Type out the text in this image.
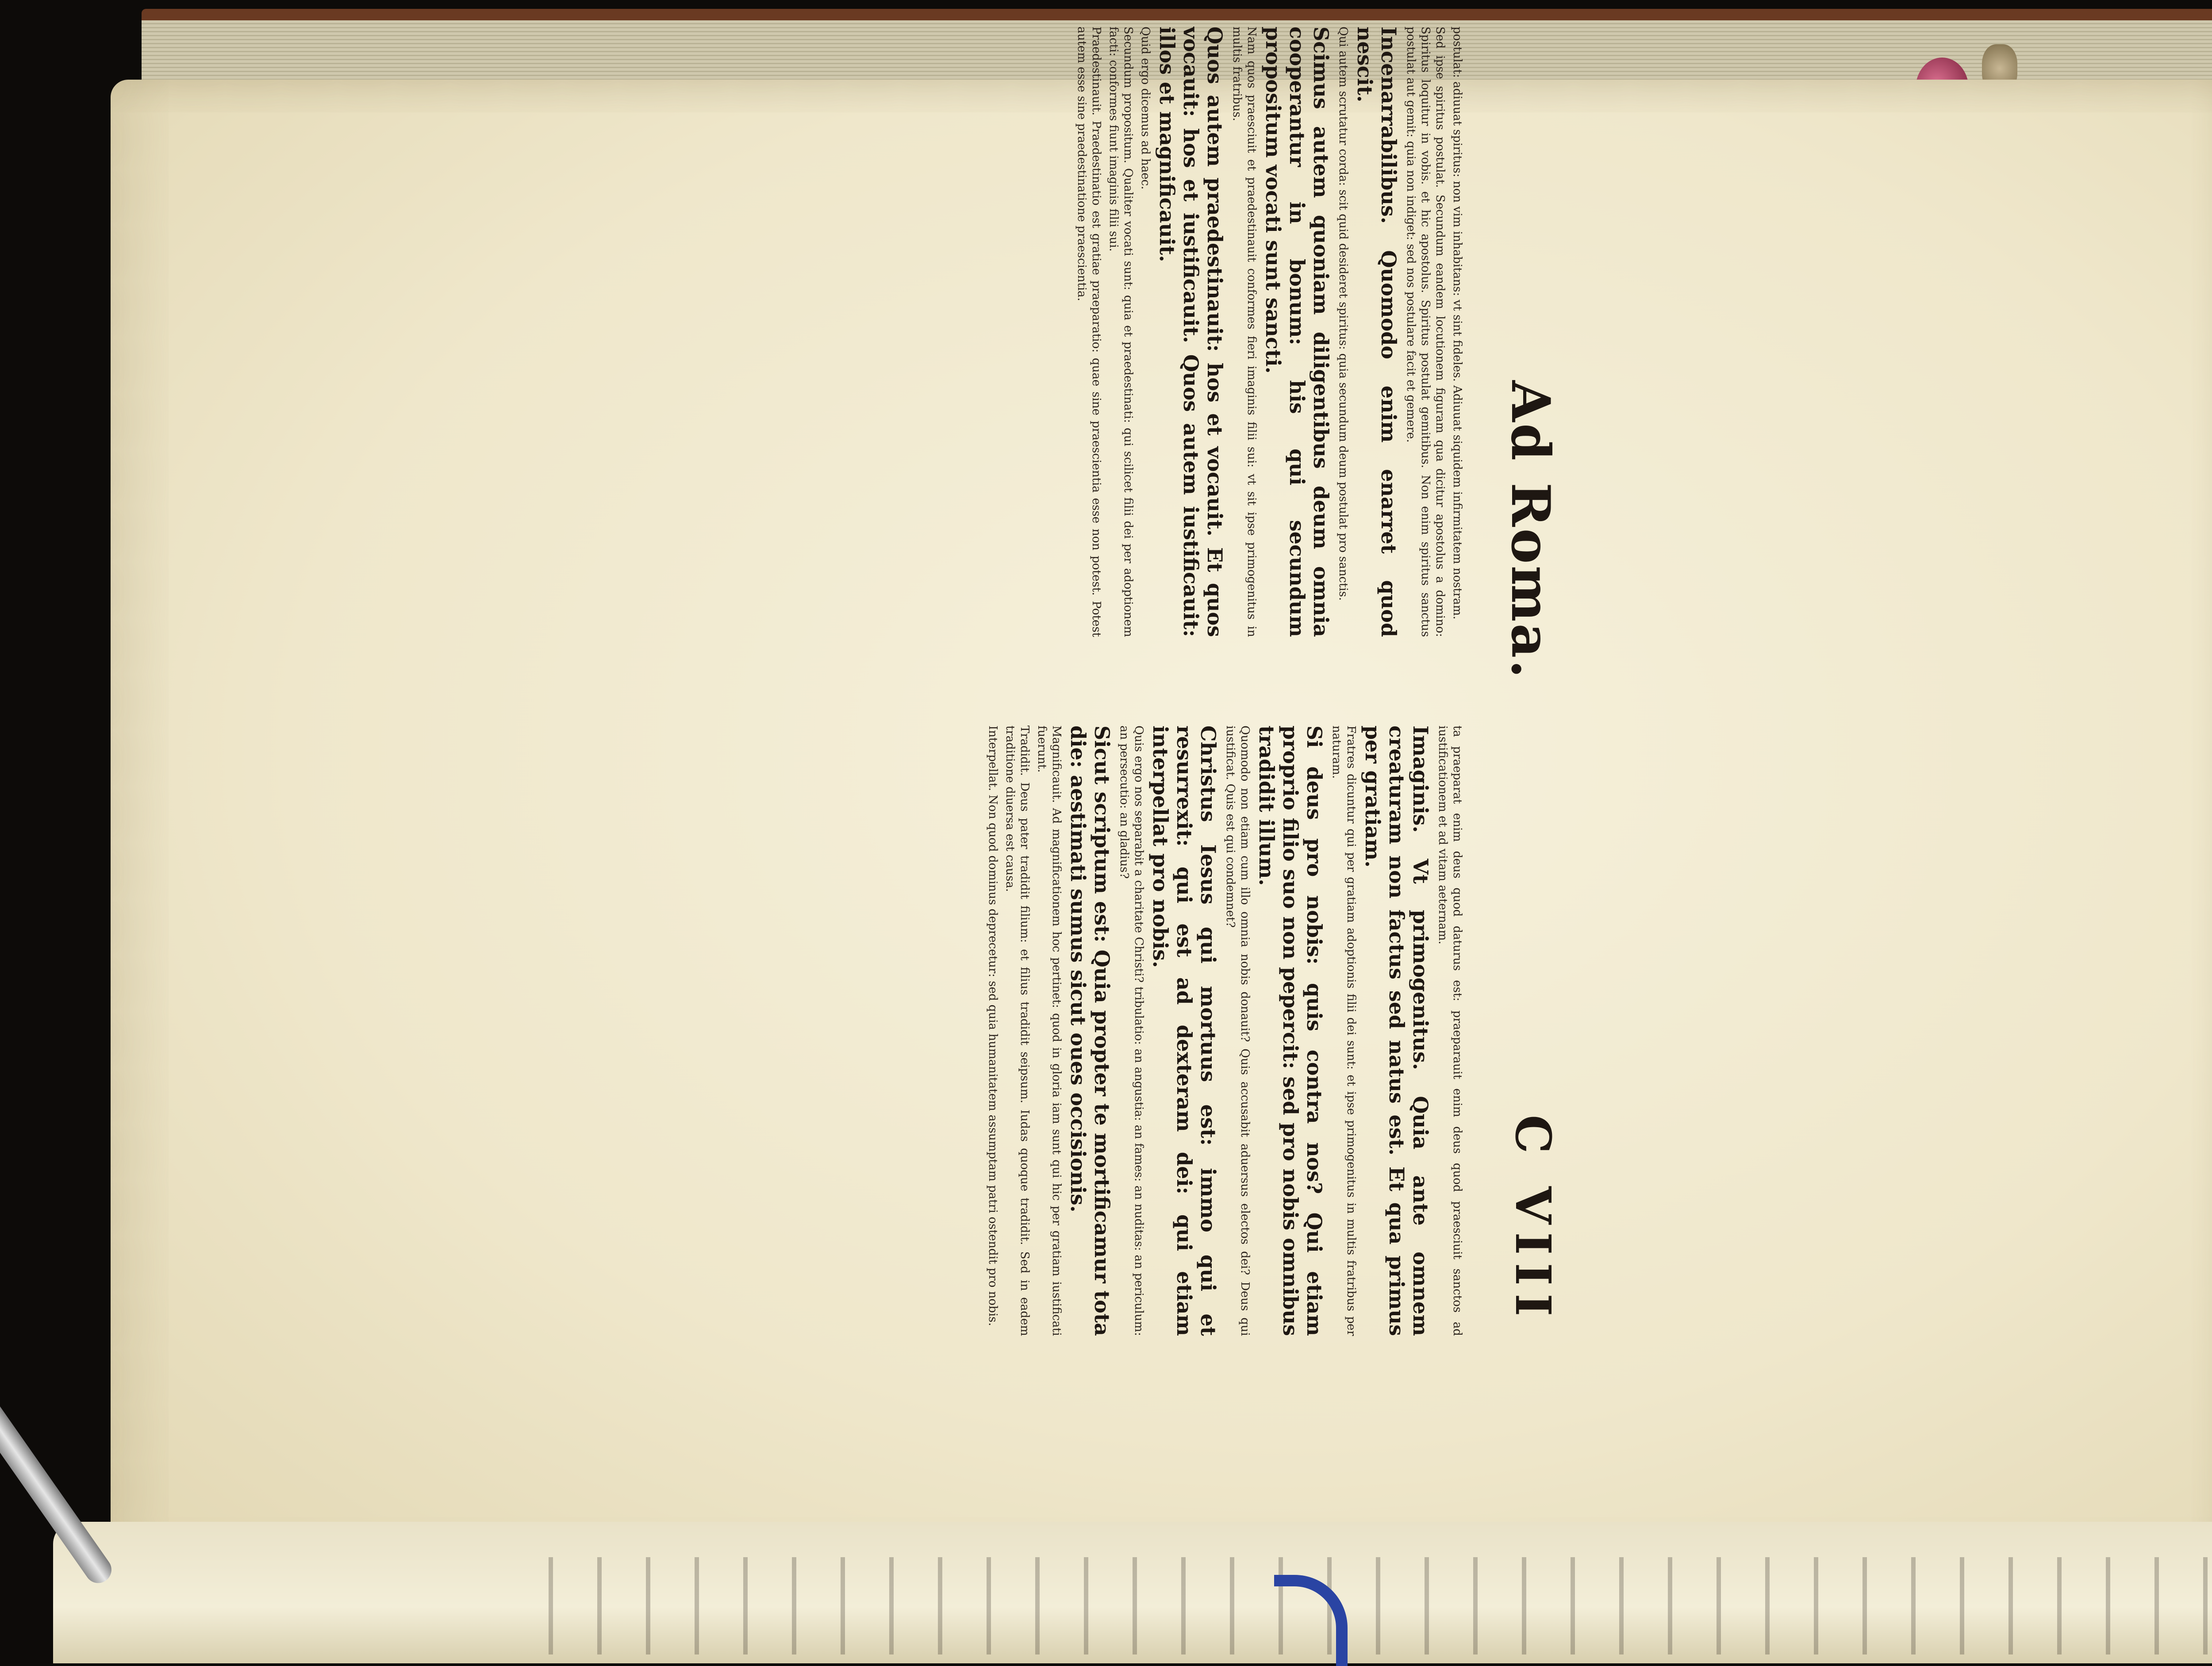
Ad Roma.
C VIII

postulat: adiuuat spiritus: non vim inhabitans: vt sint fideles. Adiuuat siquidem infirmitatem nostram.

Sed ipse spiritus postulat. Secundum eandem locutionem figuram qua dicitur apostolus a domino: Spiritus loquitur in vobis. et hic apostolus. Spiritus postulat gemitibus. Non enim spiritus sanctus postulat aut gemit: quia non indiget: sed nos postulare facit et gemere.

Incenarrabilibus. Quomodo enim enarret quod nescit.

Qui autem scrutatur corda: scit quid desideret spiritus: quia secundum deum postulat pro sanctis.

Scimus autem quoniam diligentibus deum omnia cooperantur in bonum: his qui secundum propositum vocati sunt sancti.

Nam quos praesciuit et praedestinauit conformes fieri imaginis filii sui: vt sit ipse primogenitus in multis fratribus.

Quos autem praedestinauit: hos et vocauit. Et quos vocauit: hos et iustificauit. Quos autem iustificauit: illos et magnificauit.

Quid ergo dicemus ad haec.

Secundum propositum. Qualiter vocati sunt: quia et praedestinati: qui scilicet filii dei per adoptionem facti: conformes fiunt imaginis filii sui.

Praedestinauit. Praedestinatio est gratiae praeparatio: quae sine praescientia esse non potest. Potest autem esse sine praedestinatione praescientia.

ta praeparat enim deus quod daturus est: praeparauit enim deus quod praesciuit sanctos ad iustificationem et ad vitam aeternam.

Imaginis. Vt primogenitus. Quia ante omnem creaturam non factus sed natus est. Et qua primus per gratiam.

Fratres dicuntur qui per gratiam adoptionis filii dei sunt: et ipse primogenitus in multis fratribus per naturam.

Si deus pro nobis: quis contra nos? Qui etiam proprio filio suo non pepercit: sed pro nobis omnibus tradidit illum.

Quomodo non etiam cum illo omnia nobis donauit? Quis accusabit aduersus electos dei? Deus qui iustificat. Quis est qui condemnet?

Christus Iesus qui mortuus est: immo qui et resurrexit: qui est ad dexteram dei: qui etiam interpellat pro nobis.

Quis ergo nos separabit a charitate Christi? tribulatio: an angustia: an fames: an nuditas: an periculum: an persecutio: an gladius?

Sicut scriptum est: Quia propter te mortificamur tota die: aestimati sumus sicut oues occisionis.

Magnificauit. Ad magnificationem hoc pertinet: quod in gloria iam sunt qui hic per gratiam iustificati fuerunt.

Tradidit. Deus pater tradidit filium: et filius tradidit seipsum. Iudas quoque tradidit. Sed in eadem traditione diuersa est causa.

Interpellat. Non quod dominus deprecetur: sed quia humanitatem assumptam patri ostendit pro nobis.
